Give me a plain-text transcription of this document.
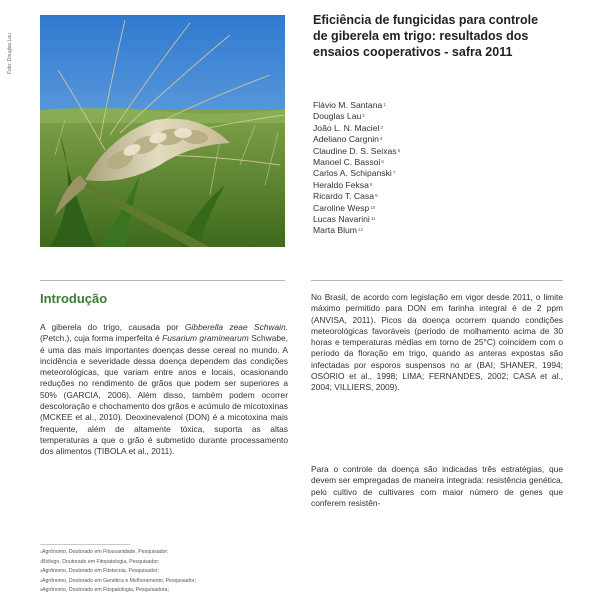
Foto: Douglas Lau
Eficiência de fungicidas para controle de giberela em trigo: resultados dos ensaios cooperativos - safra 2011
Flávio M. Santana$^1$
Douglas Lau$^2$
João L. N. Maciel$^3$
Adeliano Cargnin$^4$
Claudine D. S. Seixas$^5$
Manoel C. Bassoi$^6$
Carlos A. Schipanski$^7$
Heraldo Feksa$^8$
Ricardo T. Casa$^9$
Caroline Wesp$^{10}$
Lucas Navarini$^{11}$
Marta Blum$^{12}$
Introdução

A giberela do trigo, causada por Gibberella zeae Schwain. (Petch.), cuja forma imperfeita é Fusarium graminearum Schwabe, é uma das mais importantes doenças desse cereal no mundo. A incidência e severidade dessa doença dependem das condições meteorológicas, que variam entre anos e locais, ocasionando reduções no rendimento de grãos que podem ser superiores a 50% (GARCIA, 2006). Além disso, também podem ocorrer descoloração e chochamento dos grãos e acúmulo de micotoxinas (MCKEE et al., 2010). Deoxinevalenol (DON) é a micotoxina mais frequente, além de altamente tóxica, suporta as altas temperaturas a que o grão é submetido durante processamento dos alimentos (TIBOLA et al., 2011).

No Brasil, de acordo com legislação em vigor desde 2011, o limite máximo permitido para DON em farinha integral é de 2 ppm (ANVISA, 2011). Picos da doença ocorrem quando condições meteorológicas favoráveis (período de molhamento acima de 30 horas e temperaturas médias em torno de 25°C) coincidem com o período da floração em trigo, quando as anteras expostas são infectadas por esporos suspensos no ar (BAI; SHANER, 1994; OSÓRIO et al., 1998; LIMA; FERNANDES, 2002; CASA et al., 2004; VILLIERS, 2009).

Para o controle da doença são indicadas três estratégias, que devem ser empregadas de maneira integrada: resistência genética, pelo cultivo de cultivares com maior número de genes que conferem resistên-

$^1$Agrônomo, Doutorado em Fitossanidade, Pesquisador;
$^2$Biólogo, Doutorado em Fitopatologia, Pesquisador;
$^3$Agrônomo, Doutorado em Fitotecnia, Pesquisador;
$^4$Agrônomo, Doutorado em Genética e Melhoramento, Pesquisador;
$^5$Agrônomo, Doutorado em Fitopatologia, Pesquisadora;
